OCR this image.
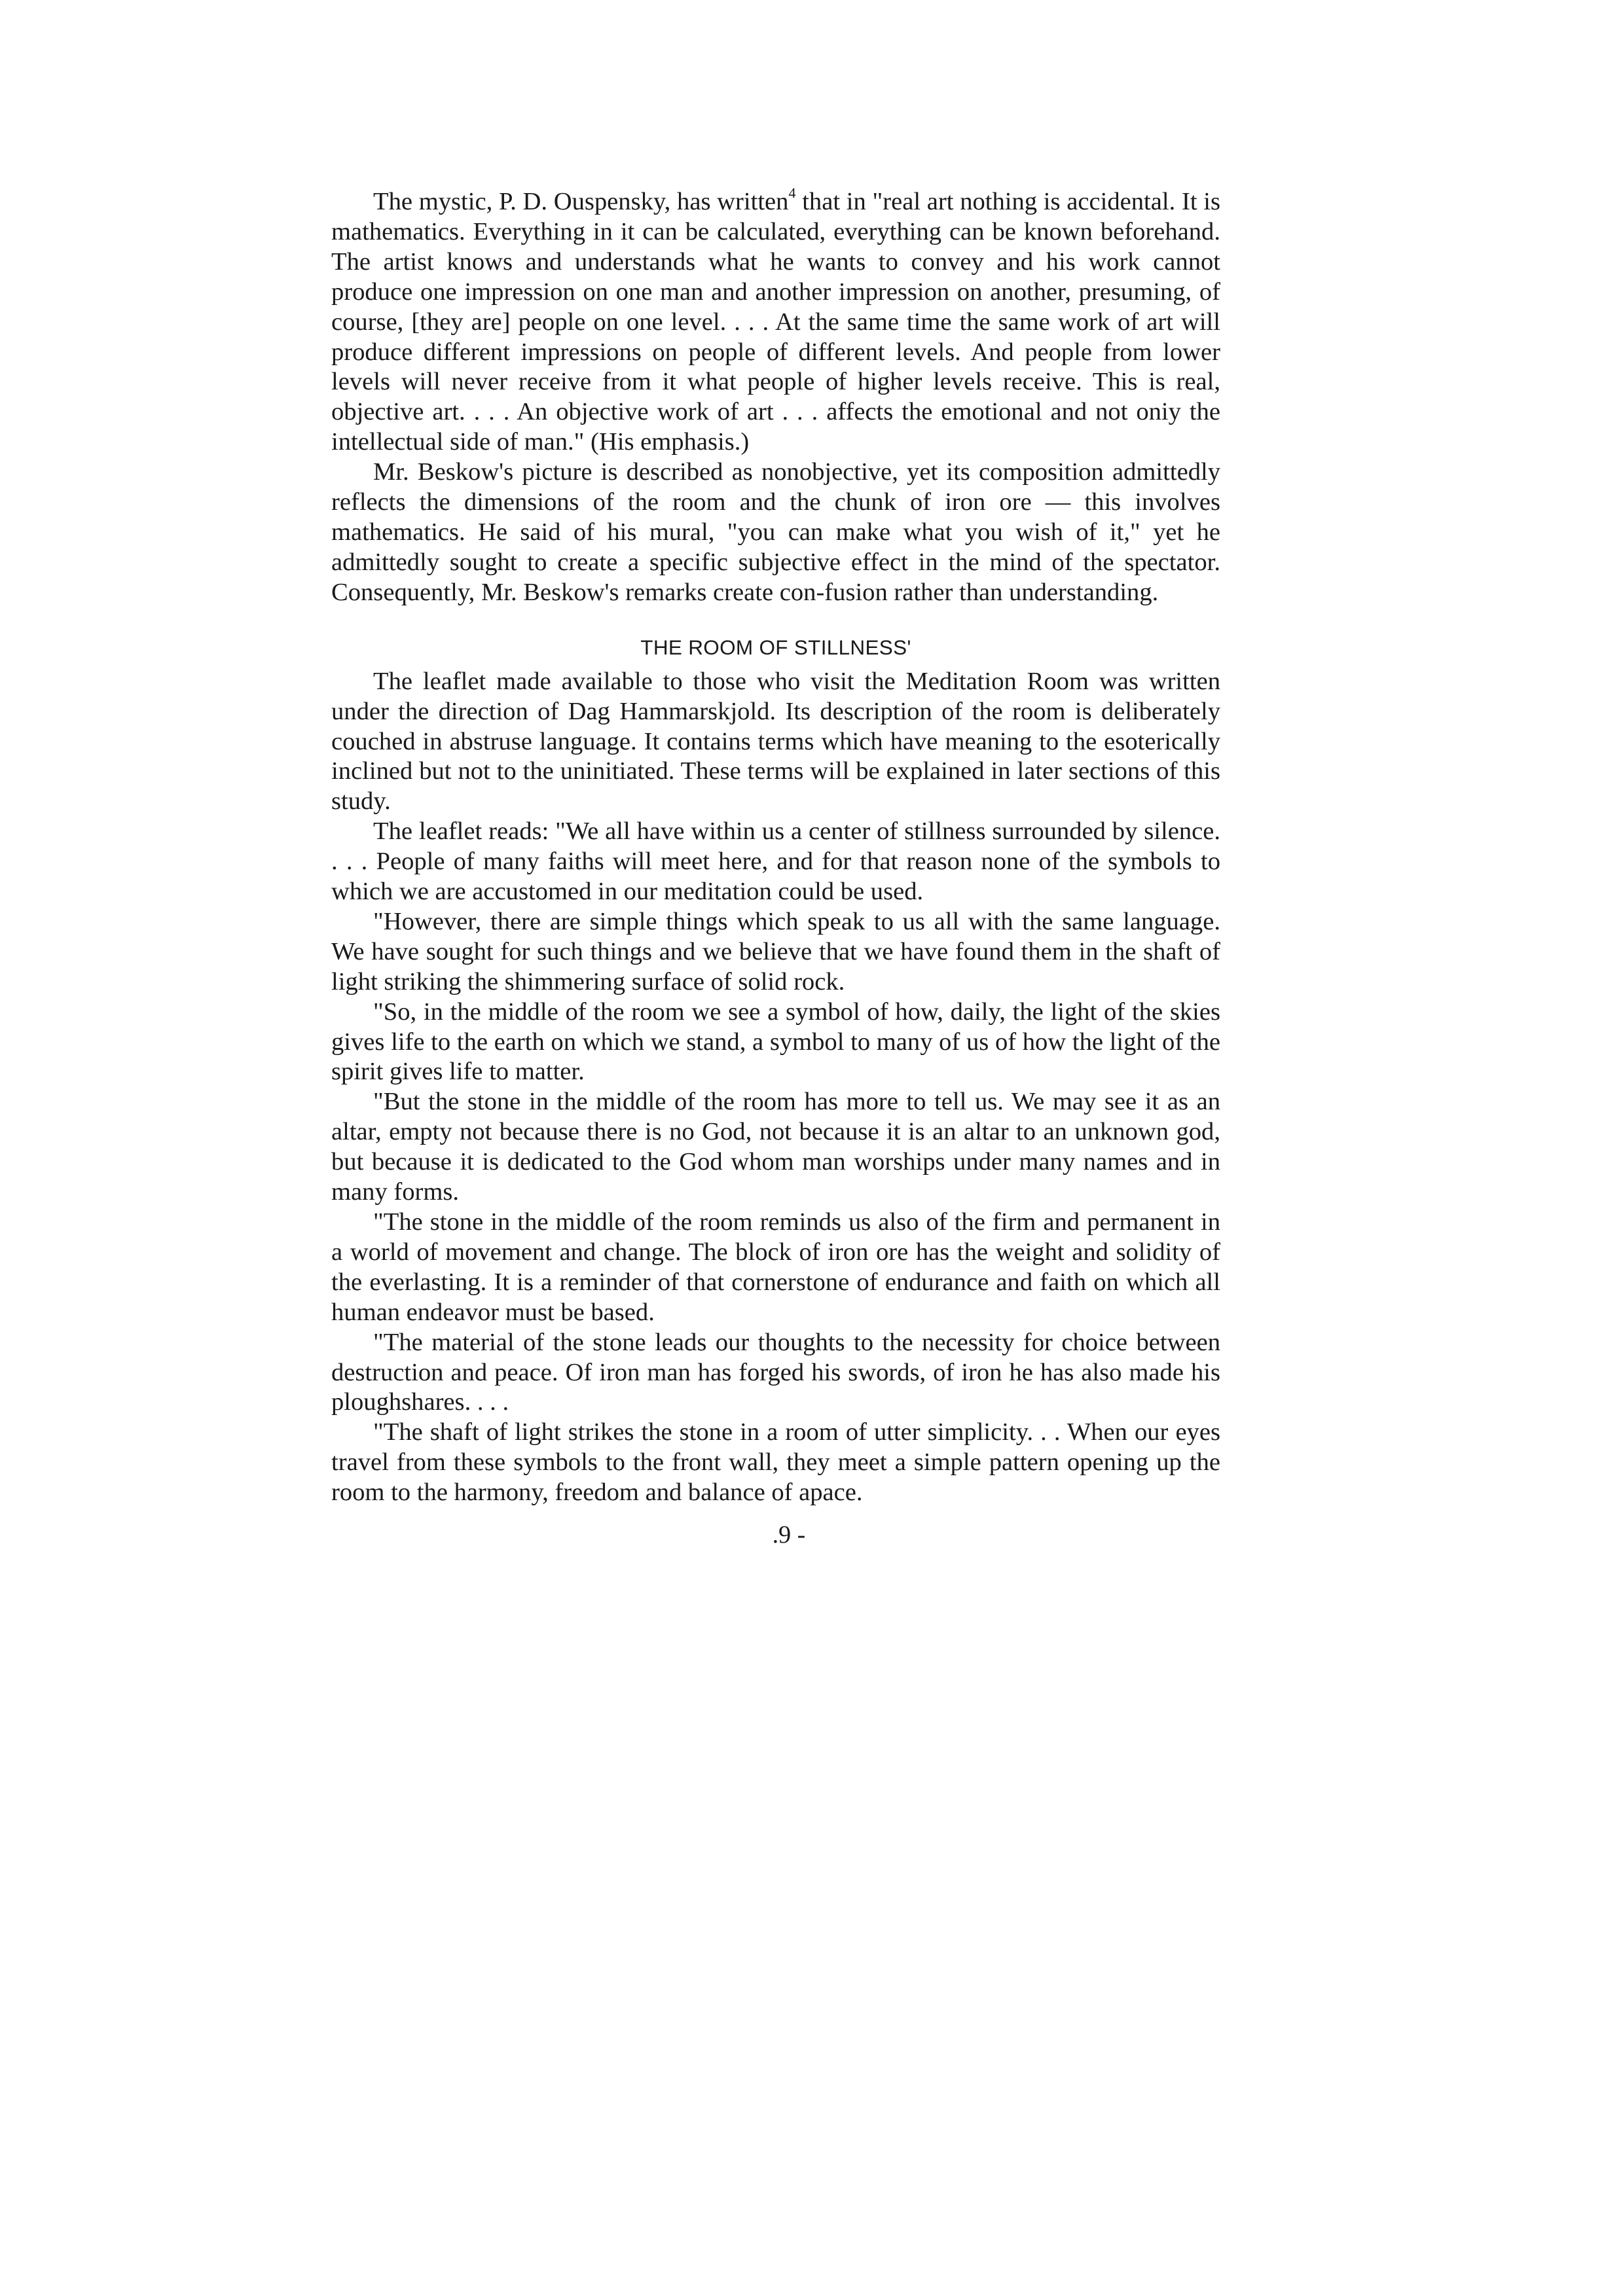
The mystic, P. D. Ouspensky, has written$^4$ that in "real art nothing is accidental. It is mathematics. Everything in it can be calculated, everything can be known beforehand. The artist knows and understands what he wants to convey and his work cannot produce one impression on one man and another impression on another, presuming, of course, [they are] people on one level. . . . At the same time the same work of art will produce different impressions on people of different levels. And people from lower levels will never receive from it what people of higher levels receive. This is real, objective art. . . . An objective work of art . . . affects the emotional and not oniy the intellectual side of man." (His emphasis.)

Mr. Beskow's picture is described as nonobjective, yet its composition admittedly reflects the dimensions of the room and the chunk of iron ore — this involves mathematics. He said of his mural, "you can make what you wish of it," yet he admittedly sought to create a specific subjective effect in the mind of the spectator. Consequently, Mr. Beskow's remarks create con-fusion rather than understanding.

THE ROOM OF STILLNESS'

The leaflet made available to those who visit the Meditation Room was written under the direction of Dag Hammarskjold. Its description of the room is deliberately couched in abstruse language. It contains terms which have meaning to the esoterically inclined but not to the uninitiated. These terms will be explained in later sections of this study.

The leaflet reads: "We all have within us a center of stillness surrounded by silence. . . . People of many faiths will meet here, and for that reason none of the symbols to which we are accustomed in our meditation could be used.

"However, there are simple things which speak to us all with the same language. We have sought for such things and we believe that we have found them in the shaft of light striking the shimmering surface of solid rock.

"So, in the middle of the room we see a symbol of how, daily, the light of the skies gives life to the earth on which we stand, a symbol to many of us of how the light of the spirit gives life to matter.

"But the stone in the middle of the room has more to tell us. We may see it as an altar, empty not because there is no God, not because it is an altar to an unknown god, but because it is dedicated to the God whom man worships under many names and in many forms.

"The stone in the middle of the room reminds us also of the firm and permanent in a world of movement and change. The block of iron ore has the weight and solidity of the everlasting. It is a reminder of that cornerstone of endurance and faith on which all human endeavor must be based.

"The material of the stone leads our thoughts to the necessity for choice between destruction and peace. Of iron man has forged his swords, of iron he has also made his ploughshares. . . .

"The shaft of light strikes the stone in a room of utter simplicity. . . When our eyes travel from these symbols to the front wall, they meet a simple pattern opening up the room to the harmony, freedom and balance of apace.

.9 -
